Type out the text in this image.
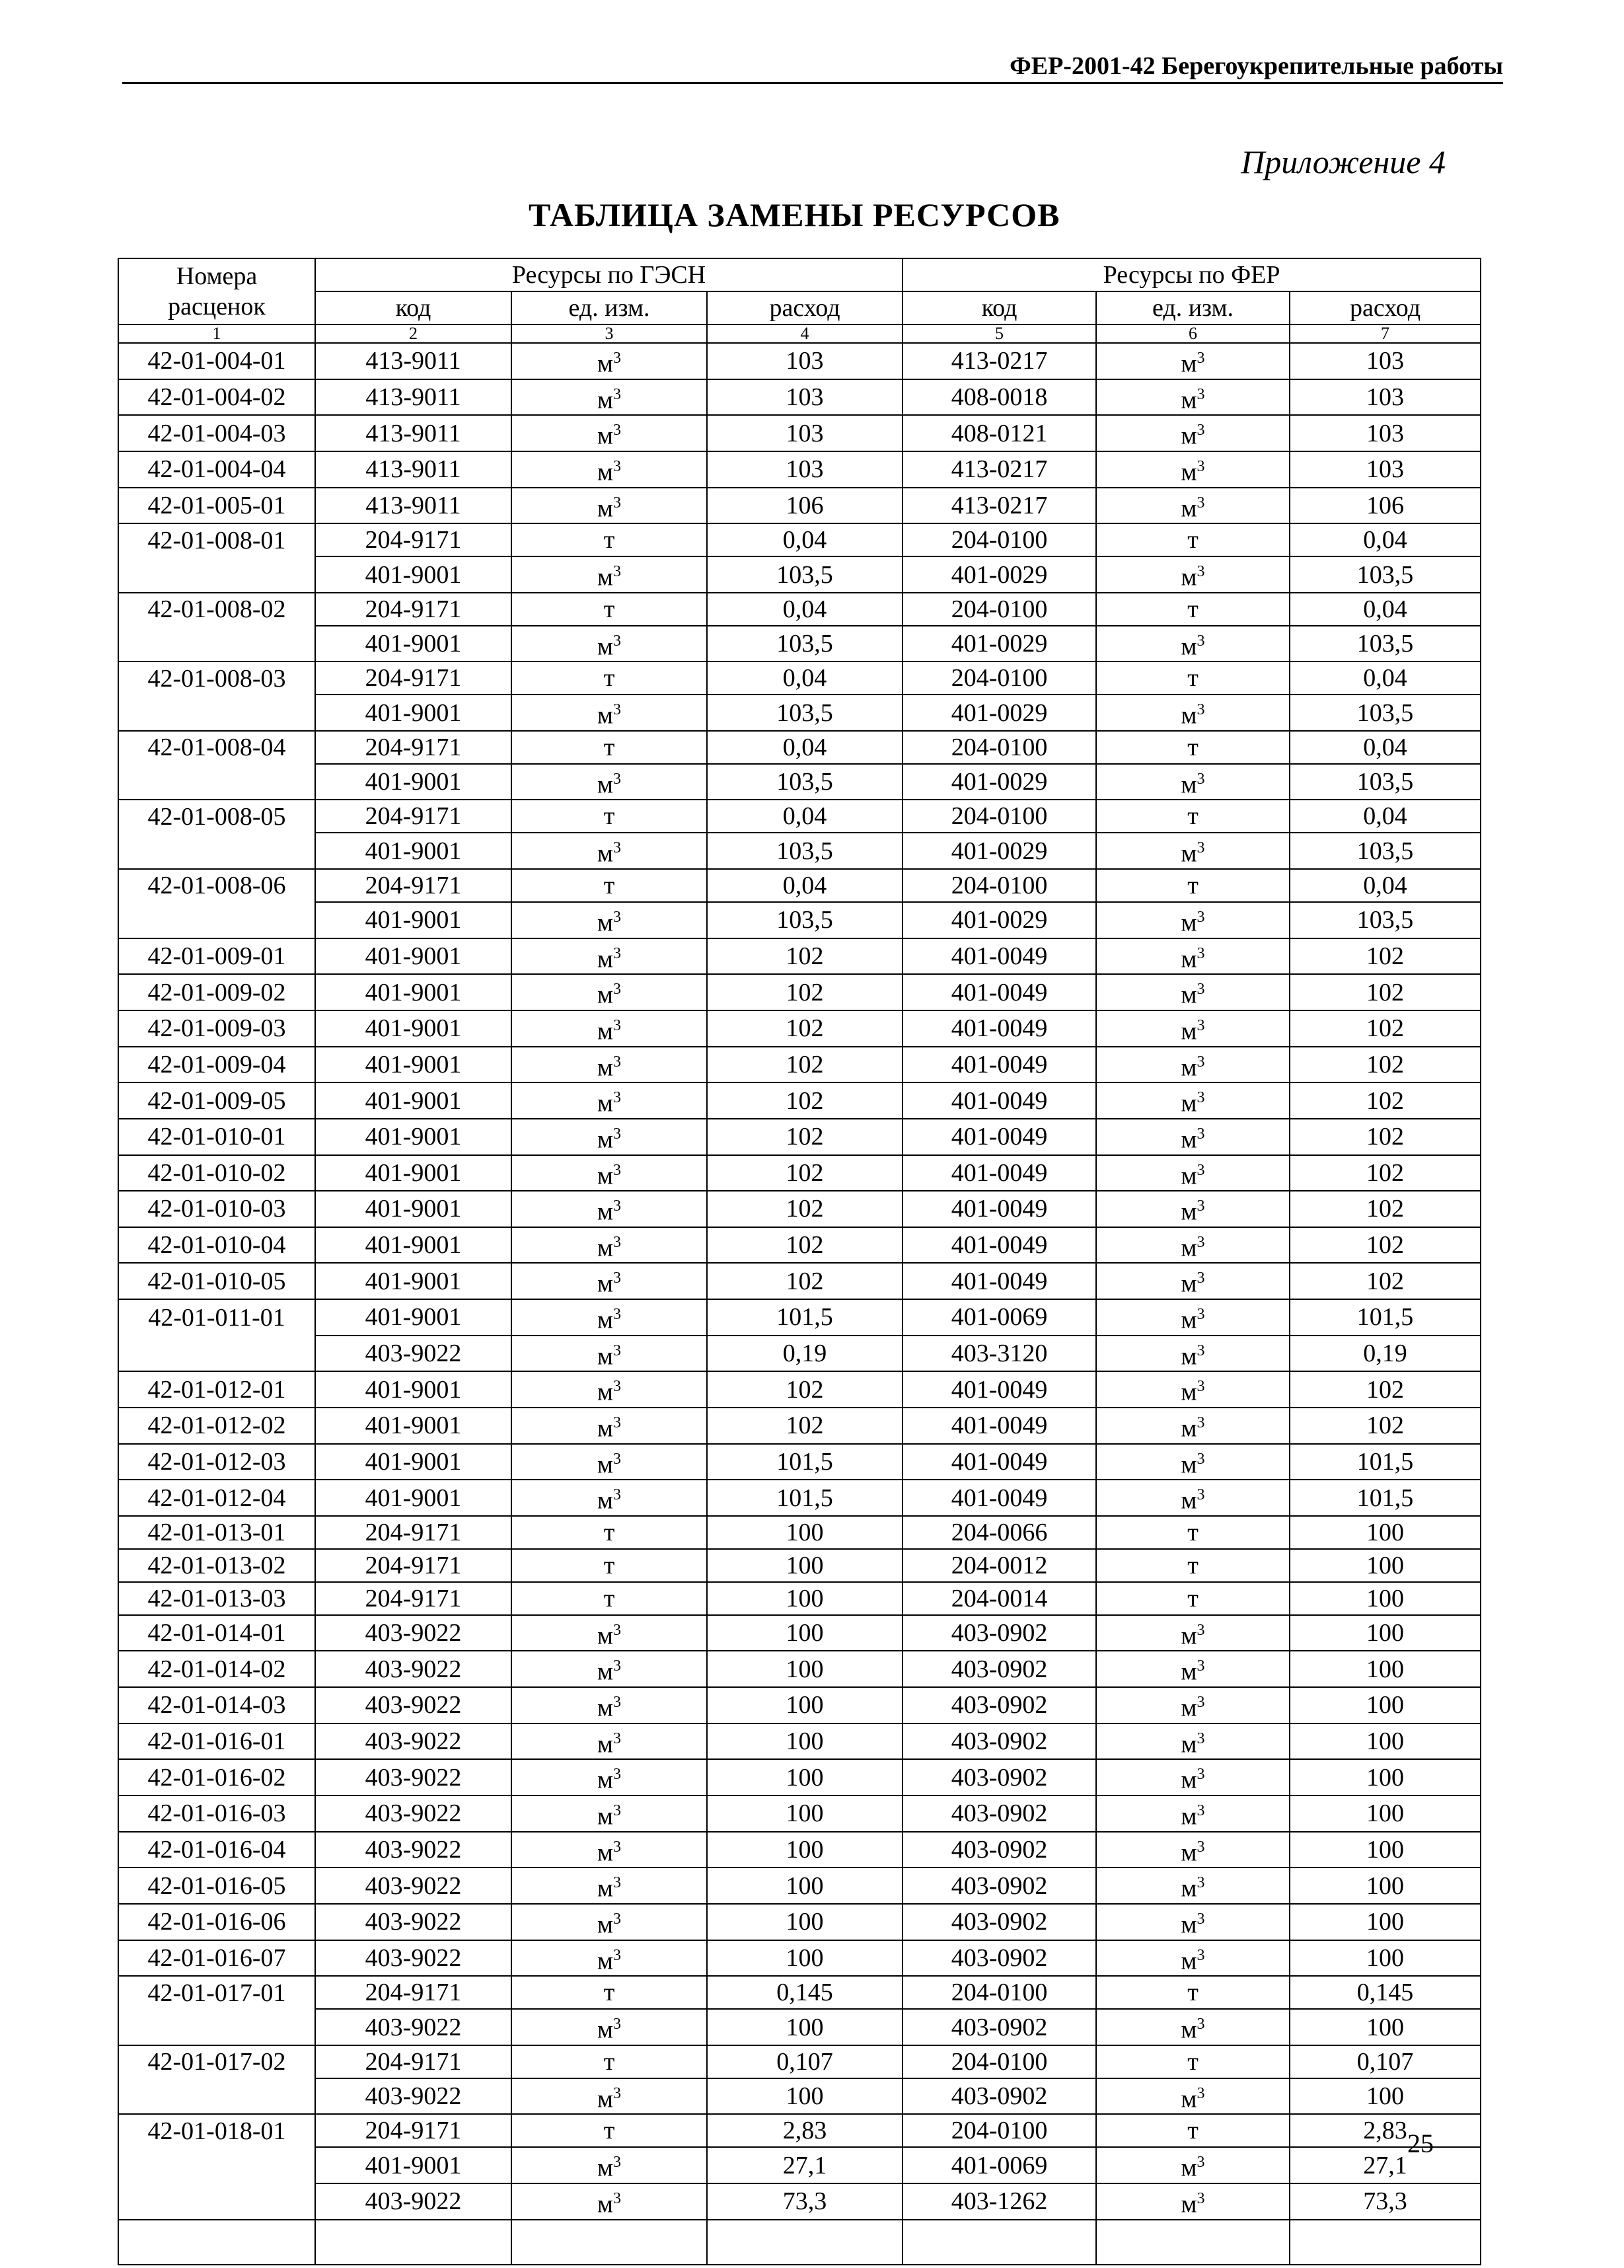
ФЕР-2001-42 Берегоукрепительные работы
Приложение 4
ТАБЛИЦА ЗАМЕНЫ РЕСУРСОВ
Номера расценок	Ресурсы по ГЭСН			Ресурсы по ФЕР		
	код	ед. изм.	расход	код	ед. изм.	расход
1	2	3	4	5	6	7
42-01-004-01	413-9011	$м^3$	103	413-0217	$м^3$	103
42-01-004-02	413-9011	$м^3$	103	408-0018	$м^3$	103
42-01-004-03	413-9011	$м^3$	103	408-0121	$м^3$	103
42-01-004-04	413-9011	$м^3$	103	413-0217	$м^3$	103
42-01-005-01	413-9011	$м^3$	106	413-0217	$м^3$	106
42-01-008-01	204-9171	т	0,04	204-0100	т	0,04
	401-9001	$м^3$	103,5	401-0029	$м^3$	103,5
42-01-008-02	204-9171	т	0,04	204-0100	т	0,04
	401-9001	$м^3$	103,5	401-0029	$м^3$	103,5
42-01-008-03	204-9171	т	0,04	204-0100	т	0,04
	401-9001	$м^3$	103,5	401-0029	$м^3$	103,5
42-01-008-04	204-9171	т	0,04	204-0100	т	0,04
	401-9001	$м^3$	103,5	401-0029	$м^3$	103,5
42-01-008-05	204-9171	т	0,04	204-0100	т	0,04
	401-9001	$м^3$	103,5	401-0029	$м^3$	103,5
42-01-008-06	204-9171	т	0,04	204-0100	т	0,04
	401-9001	$м^3$	103,5	401-0029	$м^3$	103,5
42-01-009-01	401-9001	$м^3$	102	401-0049	$м^3$	102
42-01-009-02	401-9001	$м^3$	102	401-0049	$м^3$	102
42-01-009-03	401-9001	$м^3$	102	401-0049	$м^3$	102
42-01-009-04	401-9001	$м^3$	102	401-0049	$м^3$	102
42-01-009-05	401-9001	$м^3$	102	401-0049	$м^3$	102
42-01-010-01	401-9001	$м^3$	102	401-0049	$м^3$	102
42-01-010-02	401-9001	$м^3$	102	401-0049	$м^3$	102
42-01-010-03	401-9001	$м^3$	102	401-0049	$м^3$	102
42-01-010-04	401-9001	$м^3$	102	401-0049	$м^3$	102
42-01-010-05	401-9001	$м^3$	102	401-0049	$м^3$	102
42-01-011-01	401-9001	$м^3$	101,5	401-0069	$м^3$	101,5
	403-9022	$м^3$	0,19	403-3120	$м^3$	0,19
42-01-012-01	401-9001	$м^3$	102	401-0049	$м^3$	102
42-01-012-02	401-9001	$м^3$	102	401-0049	$м^3$	102
42-01-012-03	401-9001	$м^3$	101,5	401-0049	$м^3$	101,5
42-01-012-04	401-9001	$м^3$	101,5	401-0049	$м^3$	101,5
42-01-013-01	204-9171	т	100	204-0066	т	100
42-01-013-02	204-9171	т	100	204-0012	т	100
42-01-013-03	204-9171	т	100	204-0014	т	100
42-01-014-01	403-9022	$м^3$	100	403-0902	$м^3$	100
42-01-014-02	403-9022	$м^3$	100	403-0902	$м^3$	100
42-01-014-03	403-9022	$м^3$	100	403-0902	$м^3$	100
42-01-016-01	403-9022	$м^3$	100	403-0902	$м^3$	100
42-01-016-02	403-9022	$м^3$	100	403-0902	$м^3$	100
42-01-016-03	403-9022	$м^3$	100	403-0902	$м^3$	100
42-01-016-04	403-9022	$м^3$	100	403-0902	$м^3$	100
42-01-016-05	403-9022	$м^3$	100	403-0902	$м^3$	100
42-01-016-06	403-9022	$м^3$	100	403-0902	$м^3$	100
42-01-016-07	403-9022	$м^3$	100	403-0902	$м^3$	100
42-01-017-01	204-9171	т	0,145	204-0100	т	0,145
	403-9022	$м^3$	100	403-0902	$м^3$	100
42-01-017-02	204-9171	т	0,107	204-0100	т	0,107
	403-9022	$м^3$	100	403-0902	$м^3$	100
42-01-018-01	204-9171	т	2,83	204-0100	т	2,83
	401-9001	$м^3$	27,1	401-0069	$м^3$	27,1
	403-9022	$м^3$	73,3	403-1262	$м^3$	73,3

25
